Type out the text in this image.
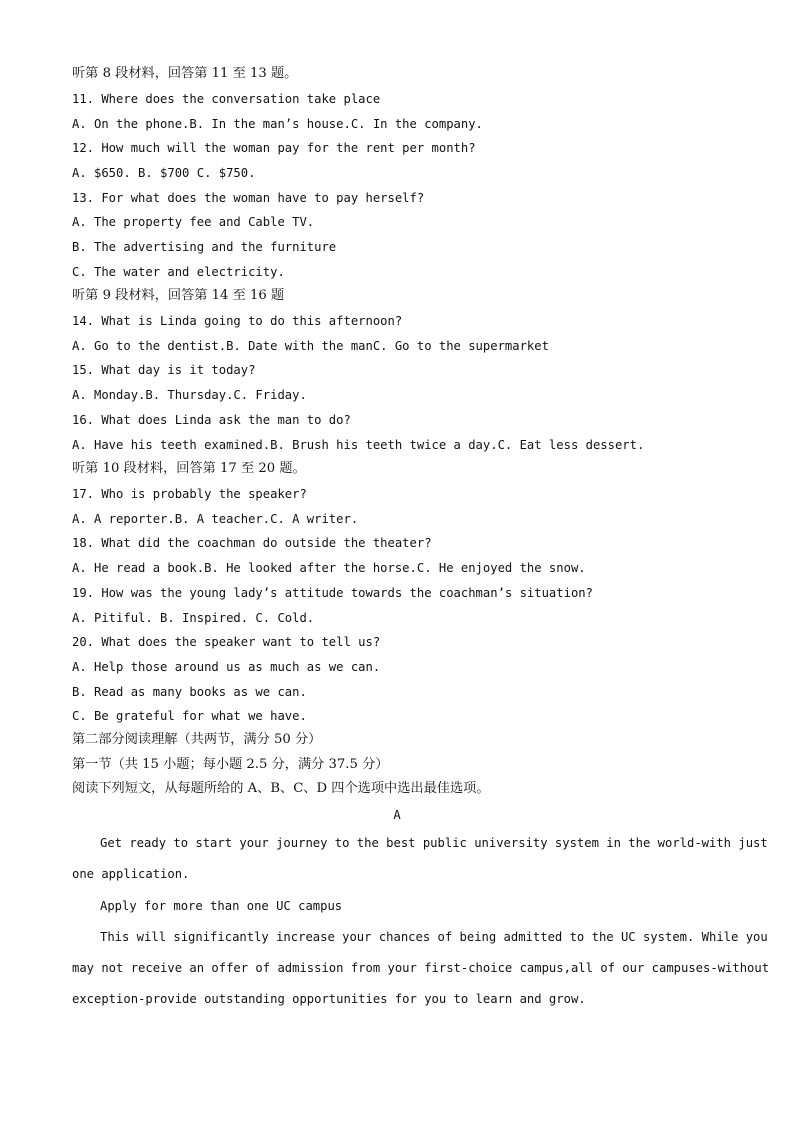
听第 8 段材料，回答第 11 至 13 题。
11. Where does the conversation take place
A. On the phone.B. In the man’s house.C. In the company.
12. How much will the woman pay for the rent per month?
A. $650. B. $700 C. $750.
13. For what does the woman have to pay herself?
A. The property fee and Cable TV.
B. The advertising and the furniture
C. The water and electricity.
听第 9 段材料，回答第 14 至 16 题
14. What is Linda going to do this afternoon?
A. Go to the dentist.B. Date with the manC. Go to the supermarket
15. What day is it today?
A. Monday.B. Thursday.C. Friday.
16. What does Linda ask the man to do?
A. Have his teeth examined.B. Brush his teeth twice a day.C. Eat less dessert.
听第 10 段材料，回答第 17 至 20 题。
17. Who is probably the speaker?
A. A reporter.B. A teacher.C. A writer.
18. What did the coachman do outside the theater?
A. He read a book.B. He looked after the horse.C. He enjoyed the snow.
19. How was the young lady’s attitude towards the coachman’s situation?
A. Pitiful. B. Inspired. C. Cold.
20. What does the speaker want to tell us?
A. Help those around us as much as we can.
B. Read as many books as we can.
C. Be grateful for what we have.
第二部分阅读理解（共两节，满分 50 分）
第一节（共 15 小题；每小题 2.5 分，满分 37.5 分）
阅读下列短文，从每题所给的 A、B、C、D 四个选项中选出最佳选项。
A
Get ready to start your journey to the best public university system in the world-with just
one application.
Apply for more than one UC campus
This will significantly increase your chances of being admitted to the UC system. While you
may not receive an offer of admission from your first-choice campus,all of our campuses-without
exception-provide outstanding opportunities for you to learn and grow.
